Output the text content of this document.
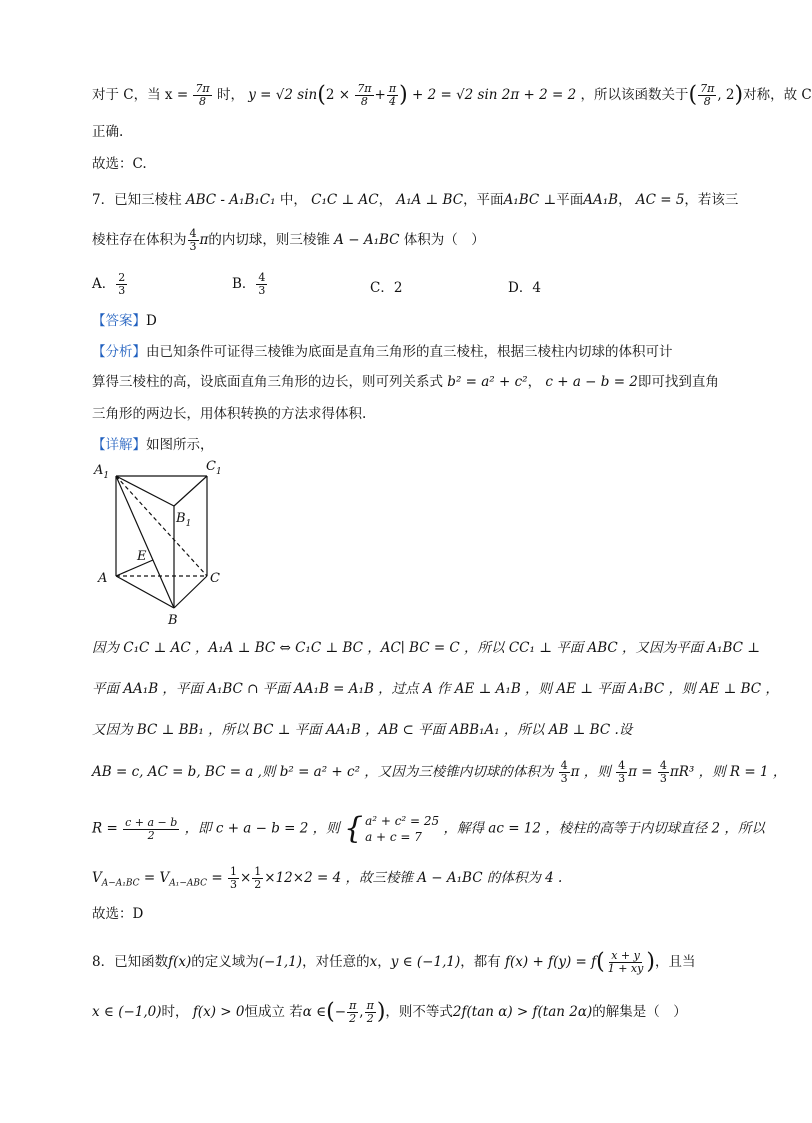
对于 C，当 $x = \frac{7\pi}{8}$ 时， y = √2 $\sin(2 \times \frac{7\pi}{8} + \frac{\pi}{4}$ ) + 2 = √2 sin 2π + 2 = 2 ，所以该函数关于( $\frac{7\pi}{8}$ , 2)对称，故 C
正确.
故选：C.
7．已知三棱柱 ABC - A₁B₁C₁ 中， C₁C ⊥ AC， A₁A ⊥ BC，平面A₁BC ⊥平面AA₁B， AC = 5，若该三
棱柱存在体积为 $\frac{4}{3}$ π的内切球，则三棱锥 A − A₁BC 体积为（　）
A． $\frac{2}{3}$	B． $\frac{4}{3}$	C．2	D．4
【答案】D
【分析】由已知条件可证得三棱锥为底面是直角三角形的直三棱柱，根据三棱柱内切球的体积可计
算得三棱柱的高，设底面直角三角形的边长，则可列关系式 b² = a² + c²， c + a − b = 2即可找到直角
三角形的两边长，用体积转换的方法求得体积.
【详解】如图所示，
$A_1$
$C_1$
$B_1$
E
A	C
B
因为 C₁C ⊥ AC ，A₁A ⊥ BC ⇔ C₁C ⊥ BC ，AC∣ BC = C ，所以 CC₁ ⊥ 平面 ABC ，又因为平面 A₁BC ⊥
平面 AA₁B ，平面 A₁BC ∩ 平面 AA₁B = A₁B ，过点 A 作 AE ⊥ A₁B ，则 AE ⊥ 平面 A₁BC ，则 AE ⊥ BC ，
又因为 BC ⊥ BB₁ ，所以 BC ⊥ 平面 AA₁B ，AB ⊂ 平面 ABB₁A₁ ，所以 AB ⊥ BC .设
AB = c, AC = b, BC = a ,则 b² = a² + c² ，又因为三棱锥内切球的体积为 $\frac{4}{3}$ π ，则 $\frac{4}{3}$ $\pi = \frac{4}{3} \pi R^3$ ，则 R = 1 ，
$R = \frac{c + a - b}{2}$ ，即 c + a − b = 2 ，则 { a² + c² = 25
a + c = 7
，解得 ac = 12 ，棱柱的高等于内切球直径 2 ，所以
$V_{A-A_1BC} = V_{A_1-ABC} = \frac{1}{3} \times \frac{1}{2} \times 12\times 2 = 4$ ，故三棱锥 A − A₁BC 的体积为 4 .
故选：D
8．已知函数f(x)的定义域为(−1,1)，对任意的x，y ∈ (−1,1)，都有 $f(x) + f(y) = f( \frac{x + y}{1 + xy}$ )，且当
x ∈ (−1,0)时， f(x) > 0恒成立 若α ∈(− $\frac{\pi}{2}$ , $\frac{\pi}{2}$ )，则不等式2f(tan α) > f(tan 2α)的解集是（　）
